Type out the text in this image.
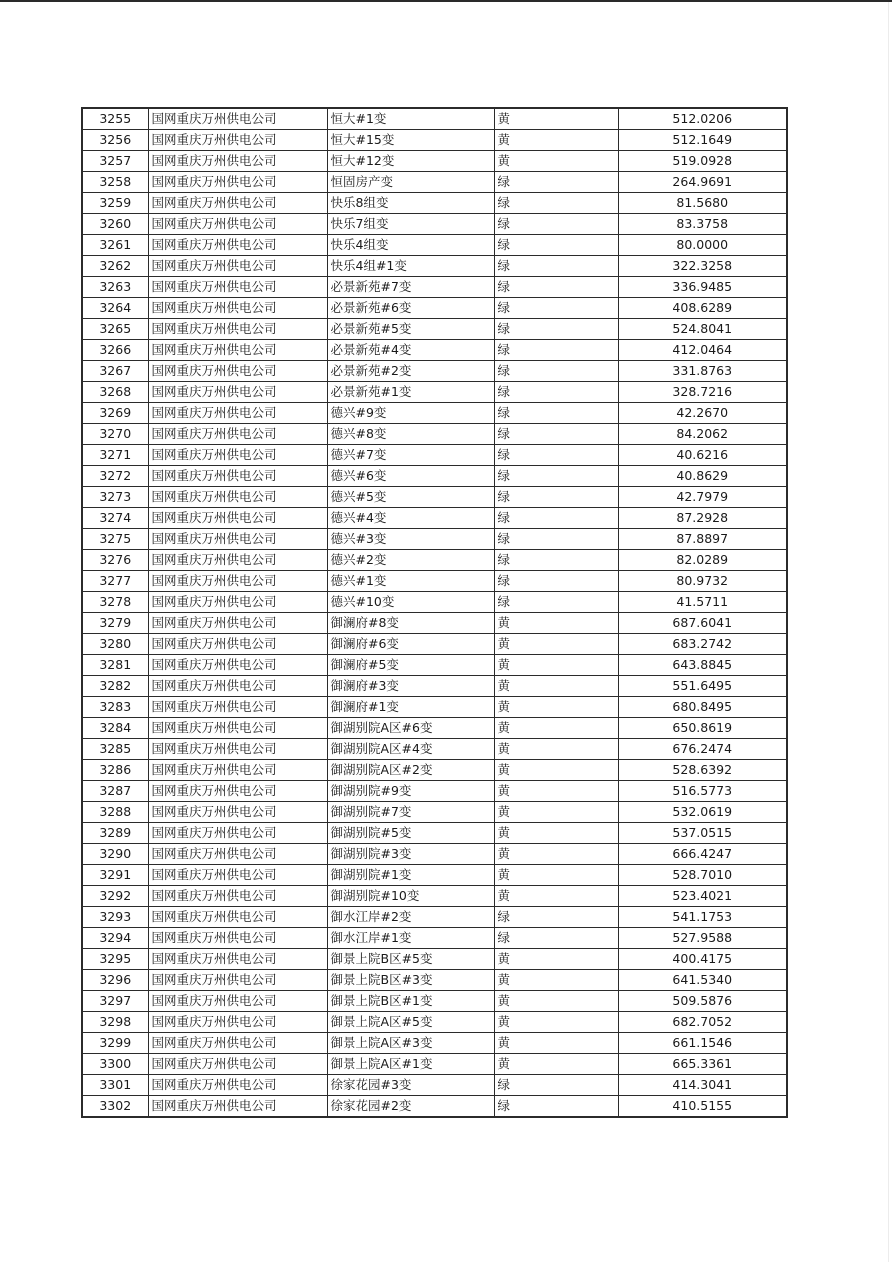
3255	国网重庆万州供电公司	恒大#1变	黄	512.0206
3256	国网重庆万州供电公司	恒大#15变	黄	512.1649
3257	国网重庆万州供电公司	恒大#12变	黄	519.0928
3258	国网重庆万州供电公司	恒固房产变	绿	264.9691
3259	国网重庆万州供电公司	快乐8组变	绿	81.5680
3260	国网重庆万州供电公司	快乐7组变	绿	83.3758
3261	国网重庆万州供电公司	快乐4组变	绿	80.0000
3262	国网重庆万州供电公司	快乐4组#1变	绿	322.3258
3263	国网重庆万州供电公司	必景新苑#7变	绿	336.9485
3264	国网重庆万州供电公司	必景新苑#6变	绿	408.6289
3265	国网重庆万州供电公司	必景新苑#5变	绿	524.8041
3266	国网重庆万州供电公司	必景新苑#4变	绿	412.0464
3267	国网重庆万州供电公司	必景新苑#2变	绿	331.8763
3268	国网重庆万州供电公司	必景新苑#1变	绿	328.7216
3269	国网重庆万州供电公司	德兴#9变	绿	42.2670
3270	国网重庆万州供电公司	德兴#8变	绿	84.2062
3271	国网重庆万州供电公司	德兴#7变	绿	40.6216
3272	国网重庆万州供电公司	德兴#6变	绿	40.8629
3273	国网重庆万州供电公司	德兴#5变	绿	42.7979
3274	国网重庆万州供电公司	德兴#4变	绿	87.2928
3275	国网重庆万州供电公司	德兴#3变	绿	87.8897
3276	国网重庆万州供电公司	德兴#2变	绿	82.0289
3277	国网重庆万州供电公司	德兴#1变	绿	80.9732
3278	国网重庆万州供电公司	德兴#10变	绿	41.5711
3279	国网重庆万州供电公司	御澜府#8变	黄	687.6041
3280	国网重庆万州供电公司	御澜府#6变	黄	683.2742
3281	国网重庆万州供电公司	御澜府#5变	黄	643.8845
3282	国网重庆万州供电公司	御澜府#3变	黄	551.6495
3283	国网重庆万州供电公司	御澜府#1变	黄	680.8495
3284	国网重庆万州供电公司	御湖别院A区#6变	黄	650.8619
3285	国网重庆万州供电公司	御湖别院A区#4变	黄	676.2474
3286	国网重庆万州供电公司	御湖别院A区#2变	黄	528.6392
3287	国网重庆万州供电公司	御湖别院#9变	黄	516.5773
3288	国网重庆万州供电公司	御湖别院#7变	黄	532.0619
3289	国网重庆万州供电公司	御湖别院#5变	黄	537.0515
3290	国网重庆万州供电公司	御湖别院#3变	黄	666.4247
3291	国网重庆万州供电公司	御湖别院#1变	黄	528.7010
3292	国网重庆万州供电公司	御湖别院#10变	黄	523.4021
3293	国网重庆万州供电公司	御水江岸#2变	绿	541.1753
3294	国网重庆万州供电公司	御水江岸#1变	绿	527.9588
3295	国网重庆万州供电公司	御景上院B区#5变	黄	400.4175
3296	国网重庆万州供电公司	御景上院B区#3变	黄	641.5340
3297	国网重庆万州供电公司	御景上院B区#1变	黄	509.5876
3298	国网重庆万州供电公司	御景上院A区#5变	黄	682.7052
3299	国网重庆万州供电公司	御景上院A区#3变	黄	661.1546
3300	国网重庆万州供电公司	御景上院A区#1变	黄	665.3361
3301	国网重庆万州供电公司	徐家花园#3变	绿	414.3041
3302	国网重庆万州供电公司	徐家花园#2变	绿	410.5155
